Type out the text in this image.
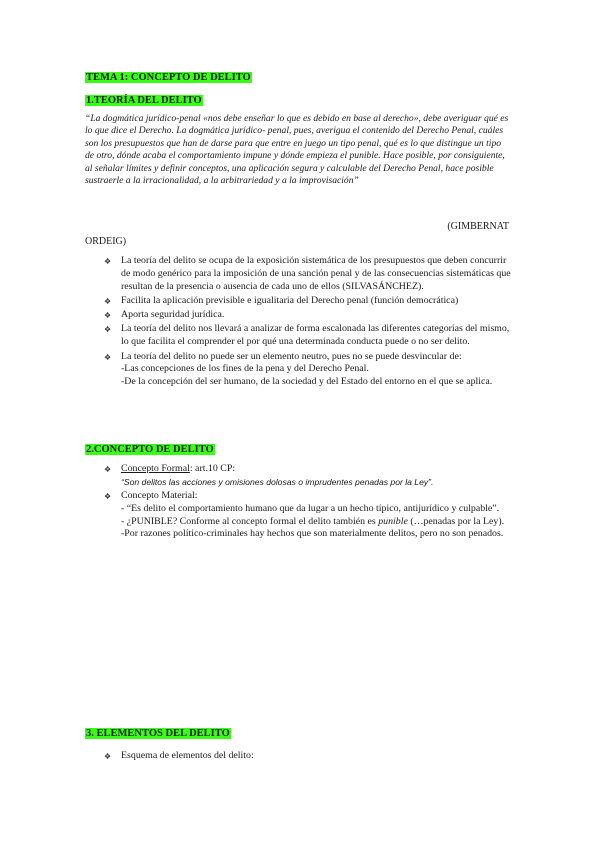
TEMA 1: CONCEPTO DE DELITO

1.TEORÍA DEL DELITO

“La dogmática jurídico-penal «nos debe enseñar lo que es debido en base al derecho», debe averiguar qué es lo que dice el Derecho. La dogmática jurídico- penal, pues, averigua el contenido del Derecho Penal, cuáles son los presupuestos que han de darse para que entre en juego un tipo penal, qué es lo que distingue un tipo de otro, dónde acaba el comportamiento impune y dónde empieza el punible. Hace posible, por consiguiente, al señalar límites y definir conceptos, una aplicación segura y calculable del Derecho Penal, hace posible sustraerle a la irracionalidad, a la arbitrariedad y a la improvisación”

(GIMBERNAT
ORDEIG)
❖ La teoría del delito se ocupa de la exposición sistemática de los presupuestos que deben concurrir de modo genérico para la imposición de una sanción penal y de las consecuencias sistemáticas que resultan de la presencia o ausencia de cada uno de ellos (SILVASÁNCHEZ).
❖ Facilita la aplicación previsible e igualitaria del Derecho penal (función democrática)
❖ Aporta seguridad jurídica.
❖ La teoría del delito nos llevará a analizar de forma escalonada las diferentes categorías del mismo, lo que facilita el comprender el por qué una determinada conducta puede o no ser delito.
❖ La teoría del delito no puede ser un elemento neutro, pues no se puede desvincular de:
-Las concepciones de los fines de la pena y del Derecho Penal.
-De la concepción del ser humano, de la sociedad y del Estado del entorno en el que se aplica.

2.CONCEPTO DE DELITO

❖ Concepto Formal: art.10 CP:
“Son delitos las acciones y omisiones dolosas o imprudentes penadas por la Ley”.
❖ Concepto Material:
- “Es delito el comportamiento humano que da lugar a un hecho típico, antijurídico y culpable”.
- ¿PUNIBLE? Conforme al concepto formal el delito también es punible (…penadas por la Ley).
-Por razones político-criminales hay hechos que son materialmente delitos, pero no son penados.

3. ELEMENTOS DEL DELITO

❖ Esquema de elementos del delito:
